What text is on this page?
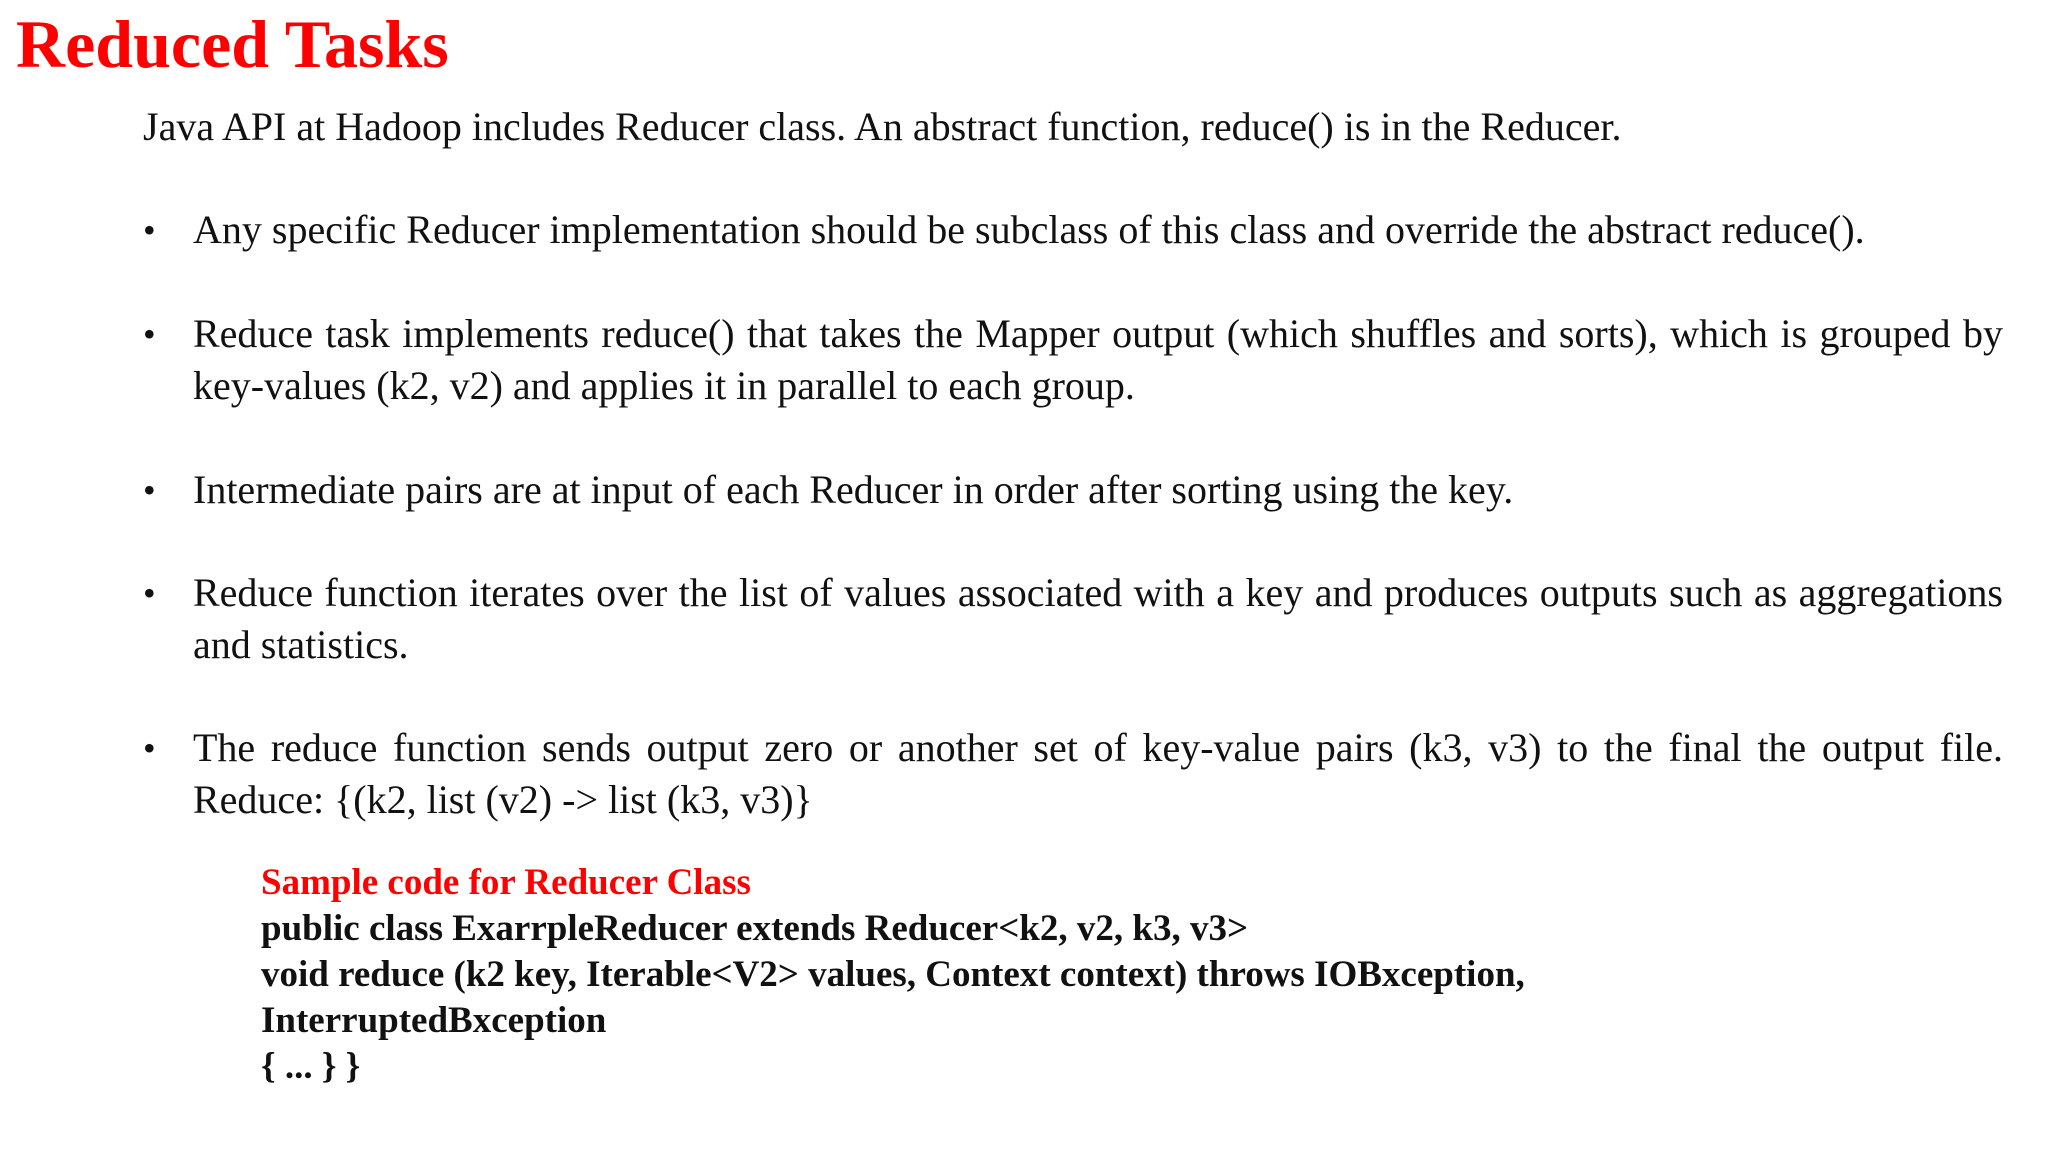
Reduced Tasks

Java API at Hadoop includes Reducer class. An abstract function, reduce() is in the Reducer.

• Any specific Reducer implementation should be subclass of this class and override the abstract reduce().
• Reduce task implements reduce() that takes the Mapper output (which shuffles and sorts), which is grouped by key-values (k2, v2) and applies it in parallel to each group.
• Intermediate pairs are at input of each Reducer in order after sorting using the key.
• Reduce function iterates over the list of values associated with a key and produces outputs such as aggregations and statistics.
• The reduce function sends output zero or another set of key-value pairs (k3, v3) to the final the output file. Reduce: {(k2, list (v2) -> list (k3, v3)}
Sample code for Reducer Class
public class ExarrpleReducer extends Reducer<k2, v2, k3, v3>
void reduce (k2 key, Iterable<V2> values, Context context) throws IOBxception,
InterruptedBxception
{ ... } }
